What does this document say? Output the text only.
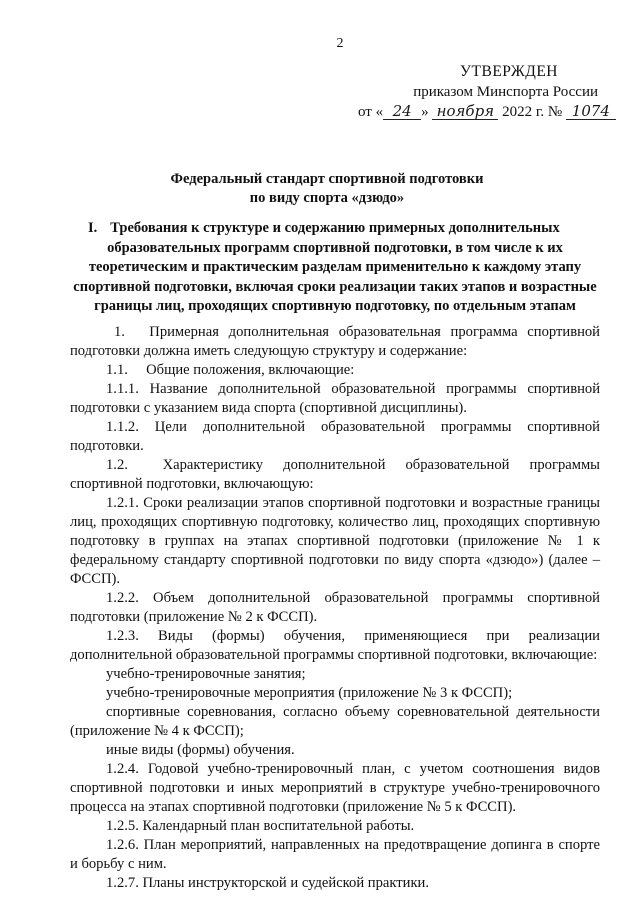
2
УТВЕРЖДЕН
приказом Минспорта России
от « 24 » ноября 2022 г. № 1074
Федеральный стандарт спортивной подготовки
по виду спорта «дзюдо»
I. Требования к структуре и содержанию примерных дополнительных образовательных программ спортивной подготовки, в том числе к их теоретическим и практическим разделам применительно к каждому этапу спортивной подготовки, включая сроки реализации таких этапов и возрастные границы лиц, проходящих спортивную подготовку, по отдельным этапам

1.  Примерная дополнительная образовательная программа спортивной подготовки должна иметь следующую структуру и содержание:

1.1.  Общие положения, включающие:

1.1.1. Название дополнительной образовательной программы спортивной подготовки с указанием вида спорта (спортивной дисциплины).

1.1.2. Цели дополнительной образовательной программы спортивной подготовки.

1.2.  Характеристику дополнительной образовательной программы спортивной подготовки, включающую:

1.2.1. Сроки реализации этапов спортивной подготовки и возрастные границы лиц, проходящих спортивную подготовку, количество лиц, проходящих спортивную подготовку в группах на этапах спортивной подготовки (приложение № 1 к федеральному стандарту спортивной подготовки по виду спорта «дзюдо») (далее – ФССП).

1.2.2. Объем дополнительной образовательной программы спортивной подготовки (приложение № 2 к ФССП).

1.2.3. Виды (формы) обучения, применяющиеся при реализации дополнительной образовательной программы спортивной подготовки, включающие:

учебно-тренировочные занятия;

учебно-тренировочные мероприятия (приложение № 3 к ФССП);

спортивные соревнования, согласно объему соревновательной деятельности (приложение № 4 к ФССП);

иные виды (формы) обучения.

1.2.4. Годовой учебно-тренировочный план, с учетом соотношения видов спортивной подготовки и иных мероприятий в структуре учебно-тренировочного процесса на этапах спортивной подготовки (приложение № 5 к ФССП).

1.2.5. Календарный план воспитательной работы.

1.2.6. План мероприятий, направленных на предотвращение допинга в спорте и борьбу с ним.

1.2.7. Планы инструкторской и судейской практики.
